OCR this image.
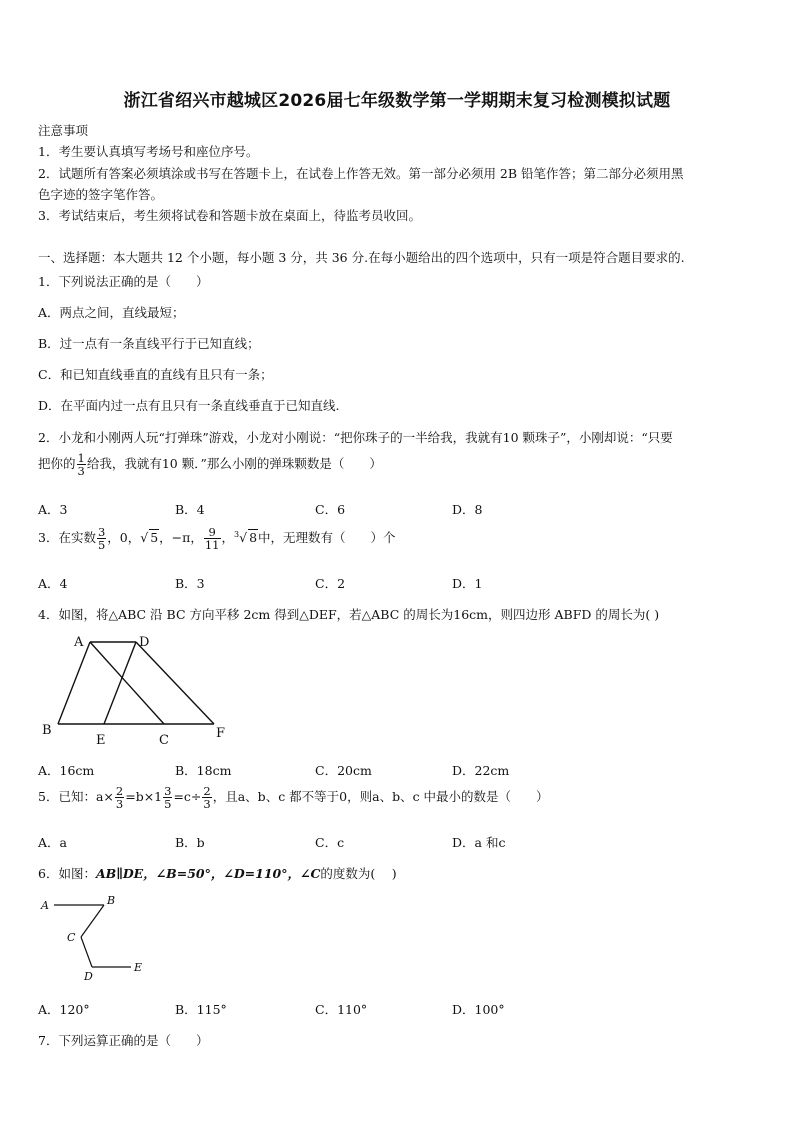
浙江省绍兴市越城区2026届七年级数学第一学期期末复习检测模拟试题
注意事项
1．考生要认真填写考场号和座位序号。
2．试题所有答案必须填涂或书写在答题卡上，在试卷上作答无效。第一部分必须用 2B 铅笔作答；第二部分必须用黑
色字迹的签字笔作答。
3．考试结束后，考生须将试卷和答题卡放在桌面上，待监考员收回。
一、选择题：本大题共 12 个小题，每小题 3 分，共 36 分.在每小题给出的四个选项中，只有一项是符合题目要求的.
1．下列说法正确的是（　　）
A．两点之间，直线最短；
B．过一点有一条直线平行于已知直线；
C．和已知直线垂直的直线有且只有一条；
D．在平面内过一点有且只有一条直线垂直于已知直线.
2．小龙和小刚两人玩“打弹珠”游戏，小龙对小刚说：“把你珠子的一半给我，我就有10 颗珠子”，小刚却说：“只要
把你的 $\frac{1}{3}$ 给我，我就有10 颗．”那么小刚的弹珠颗数是（　　）
A．3	B．4	C．6	D．8
3．在实数 $\frac{3}{5}$ ，0，√ 5，−π， $\frac{9}{11}$ ，$^3$√ 8中，无理数有（　　）个
A．4	B．3	C．2	D．1
4．如图，将△ABC 沿 BC 方向平移 2cm 得到△DEF，若△ABC 的周长为16cm，则四边形 ABFD 的周长为( )
A	D
B
E	C	F
A．16cm	B．18cm	C．20cm	D．22cm
5．已知：$a\times \frac{2}{3} =b\times 1 \frac{3}{5} =c\div \frac{2}{3}$ ，且a、b、c 都不等于0，则a、b、c 中最小的数是（　　）
A．a	B．b	C．c	D．a 和c
6．如图：AB∥DE，∠B=50°，∠D=110°，∠C的度数为(　 )
A	B
C
D
E
A．120°	B．115°	C．110°	D．100°
7．下列运算正确的是（　　）
